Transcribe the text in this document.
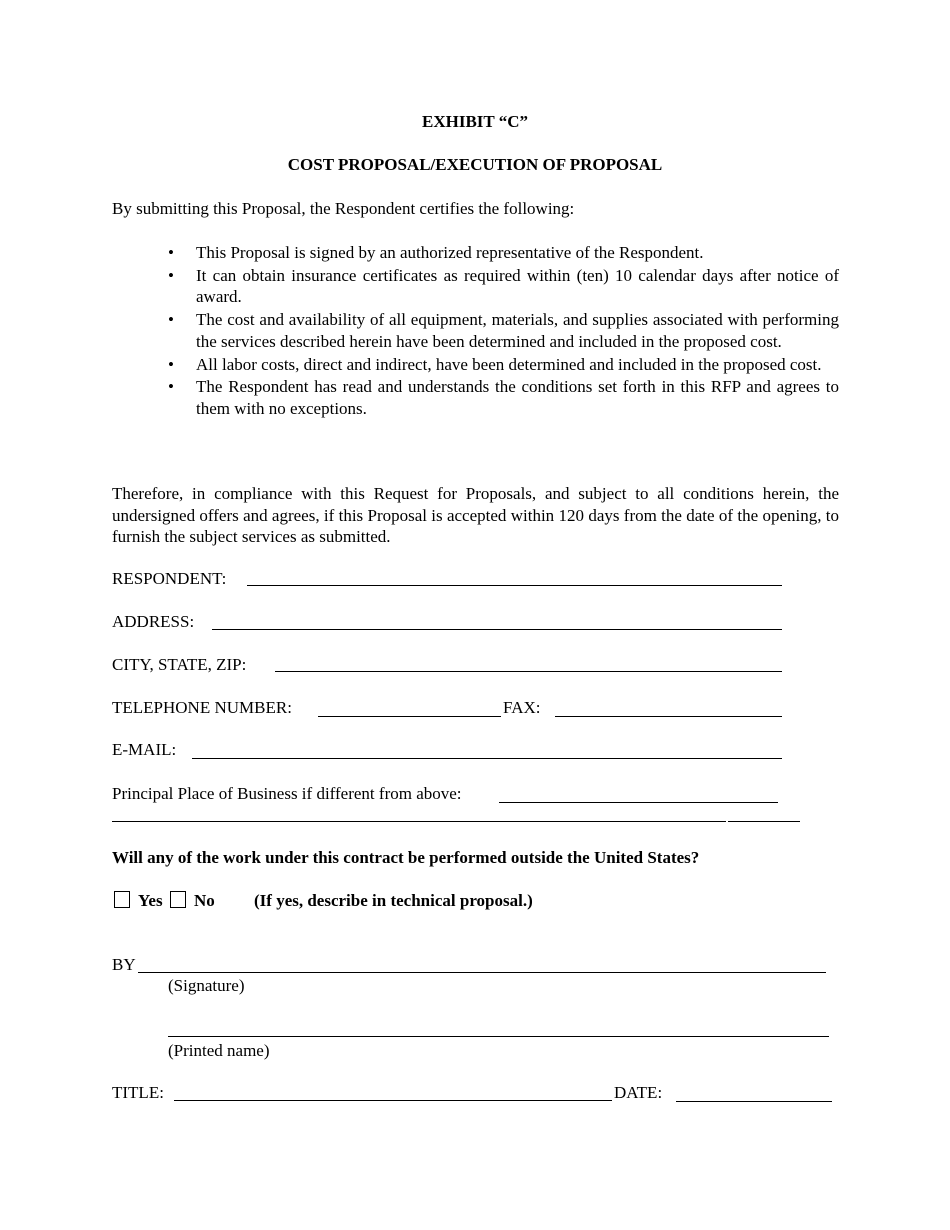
EXHIBIT “C”
COST PROPOSAL/EXECUTION OF PROPOSAL
By submitting this Proposal, the Respondent certifies the following:
• This Proposal is signed by an authorized representative of the Respondent.
• It can obtain insurance certificates as required within (ten) 10 calendar days after notice of award.
• The cost and availability of all equipment, materials, and supplies associated with performing the services described herein have been determined and included in the proposed cost.
• All labor costs, direct and indirect, have been determined and included in the proposed cost.
• The Respondent has read and understands the conditions set forth in this RFP and agrees to them with no exceptions.
Therefore, in compliance with this Request for Proposals, and subject to all conditions herein, the undersigned offers and agrees, if this Proposal is accepted within 120 days from the date of the opening, to furnish the subject services as submitted.
RESPONDENT:
ADDRESS:
CITY, STATE, ZIP:
TELEPHONE NUMBER:	FAX:
E-MAIL:
Principal Place of Business if different from above:
Will any of the work under this contract be performed outside the United States?
Yes No (If yes, describe in technical proposal.)
BY
(Signature)
(Printed name)
TITLE:	DATE:
